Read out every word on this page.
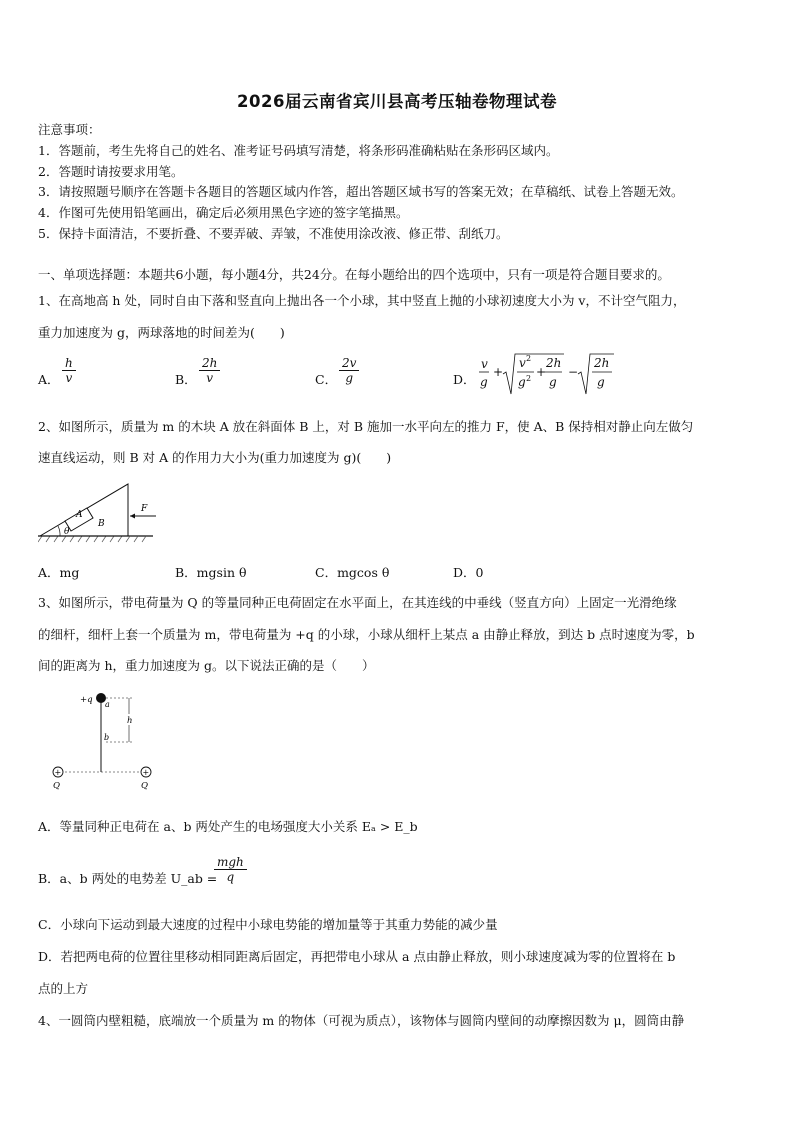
2026届云南省宾川县高考压轴卷物理试卷
注意事项：
1．答题前，考生先将自己的姓名、准考证号码填写清楚，将条形码准确粘贴在条形码区域内。
2．答题时请按要求用笔。
3．请按照题号顺序在答题卡各题目的答题区域内作答，超出答题区域书写的答案无效；在草稿纸、试卷上答题无效。
4．作图可先使用铅笔画出，确定后必须用黑色字迹的签字笔描黑。
5．保持卡面清洁，不要折叠、不要弄破、弄皱，不准使用涂改液、修正带、刮纸刀。
一、单项选择题：本题共6小题，每小题4分，共24分。在每小题给出的四个选项中，只有一项是符合题目要求的。
1、在高地高 h 处，同时自由下落和竖直向上抛出各一个小球，其中竖直上抛的小球初速度大小为 v，不计空气阻力，
重力加速度为 g，两球落地的时间差为(　　)
A． $\frac{h}{v}$	B． $\frac{2h}{v}$	C． $\frac{2v}{g}$	D．
v
g
+
v 2
g 2 +
2h
g
−
2h
g
2、如图所示，质量为 m 的木块 A 放在斜面体 B 上，对 B 施加一水平向左的推力 F，使 A、B 保持相对静止向左做匀
速直线运动，则 B 对 A 的作用力大小为(重力加速度为 g)(　　)
A
B
θ
F
A．mg	B．mgsin θ	C．mgcos θ	D．0
3、如图所示，带电荷量为 Q 的等量同种正电荷固定在水平面上，在其连线的中垂线（竖直方向）上固定一光滑绝缘
的细杆，细杆上套一个质量为 m，带电荷量为 +q 的小球，小球从细杆上某点 a 由静止释放，到达 b 点时速度为零，b
间的距离为 h，重力加速度为 g。以下说法正确的是（　　）
+q a
b
h
+	+
Q	Q
A．等量同种正电荷在 a、b 两处产生的电场强度大小关系 Eₐ > E_b
B．a、b 两处的电势差 U_ab =
$\frac{\text{mgh}}{q}$
C．小球向下运动到最大速度的过程中小球电势能的增加量等于其重力势能的减少量
D．若把两电荷的位置往里移动相同距离后固定，再把带电小球从 a 点由静止释放，则小球速度减为零的位置将在 b
点的上方
4、一圆筒内壁粗糙，底端放一个质量为 m 的物体（可视为质点），该物体与圆筒内壁间的动摩擦因数为 μ，圆筒由静
